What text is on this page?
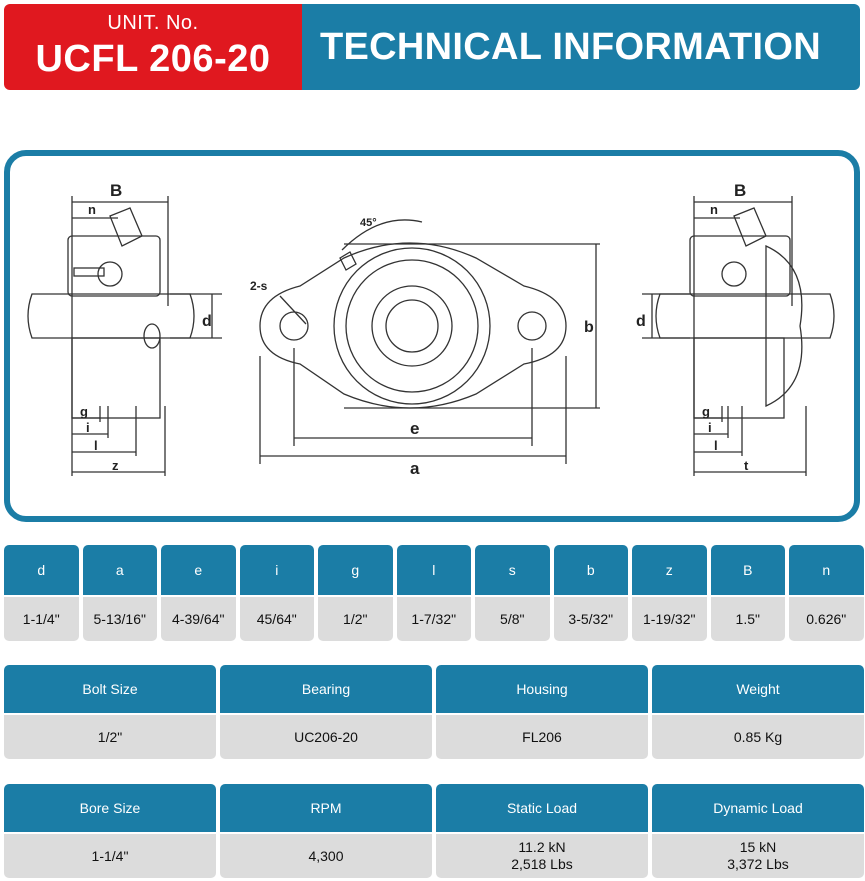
UNIT. No.
UCFL 206-20	TECHNICAL INFORMATION
B
n
d
g
i
l
z
2-s
45°
e
a
b
B
n
d
g
i
l
t
d
1-1/4"
a
5-13/16"
e
4-39/64"
i
45/64"
g
1/2"
l
1-7/32"
s
5/8"
b
3-5/32"
z
1-19/32"
B
1.5"
n
0.626"
Bolt Size
1/2"
Bearing
UC206-20
Housing
FL206
Weight
0.85 Kg
Bore Size
1-1/4"
RPM
4,300
Static Load
11.2 kN
2,518 Lbs
Dynamic Load
15 kN
3,372 Lbs
